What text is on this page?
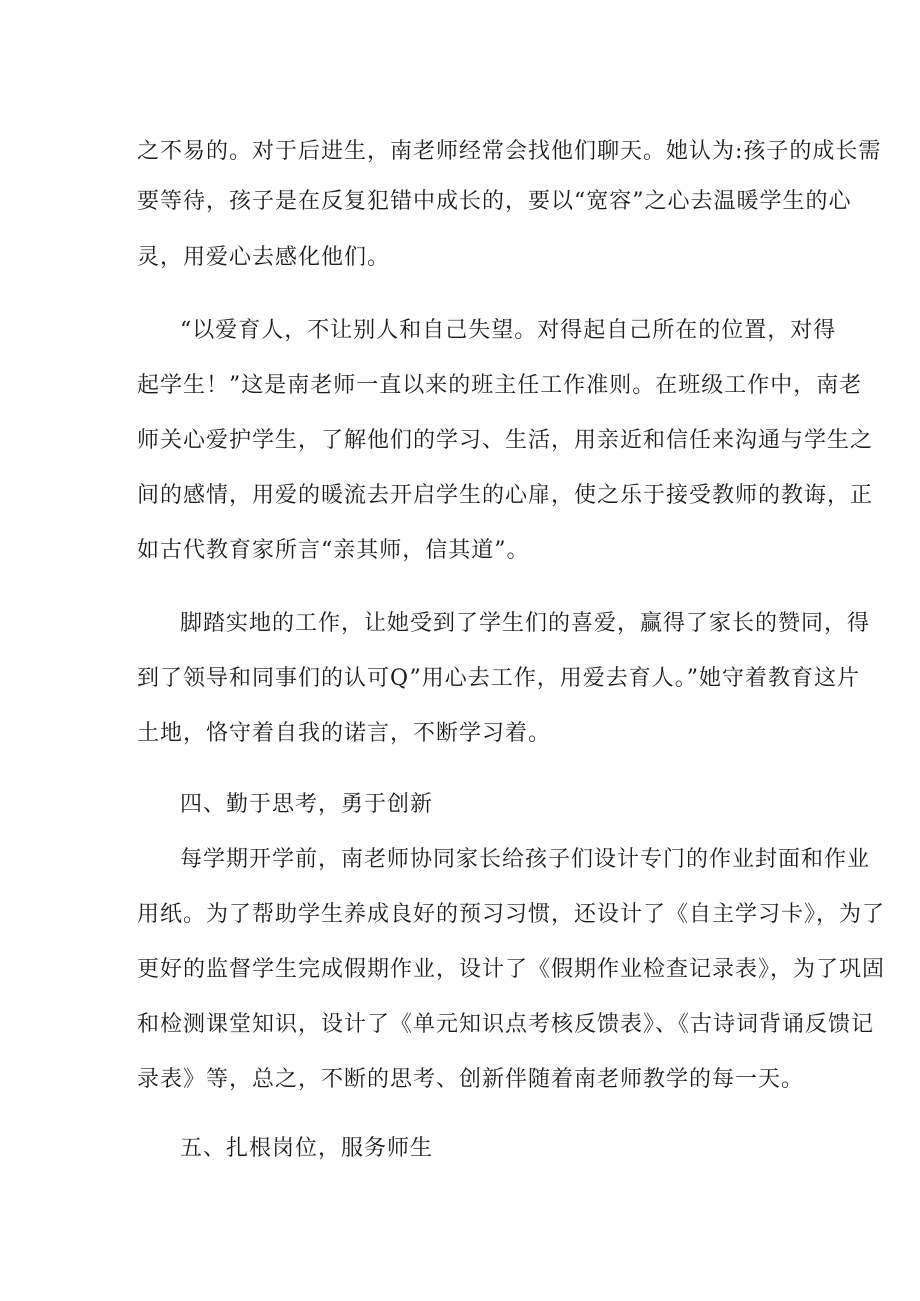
之不易的。对于后进生，南老师经常会找他们聊天。她认为:孩子的成长需

要等待，孩子是在反复犯错中成长的，要以“宽容”之心去温暖学生的心

灵，用爱心去感化他们。

“以爱育人，不让别人和自己失望。对得起自己所在的位置，对得

起学生！”这是南老师一直以来的班主任工作准则。在班级工作中，南老

师关心爱护学生，了解他们的学习、生活，用亲近和信任来沟通与学生之

间的感情，用爱的暖流去开启学生的心扉，使之乐于接受教师的教诲，正

如古代教育家所言“亲其师，信其道”。

脚踏实地的工作，让她受到了学生们的喜爱，赢得了家长的赞同，得

到了领导和同事们的认可Q”用心去工作，用爱去育人。”她守着教育这片

土地，恪守着自我的诺言，不断学习着。

四、勤于思考，勇于创新

每学期开学前，南老师协同家长给孩子们设计专门的作业封面和作业

用纸。为了帮助学生养成良好的预习习惯，还设计了《自主学习卡》，为了

更好的监督学生完成假期作业，设计了《假期作业检查记录表》，为了巩固

和检测课堂知识，设计了《单元知识点考核反馈表》、《古诗词背诵反馈记

录表》等，总之，不断的思考、创新伴随着南老师教学的每一天。

五、扎根岗位，服务师生
